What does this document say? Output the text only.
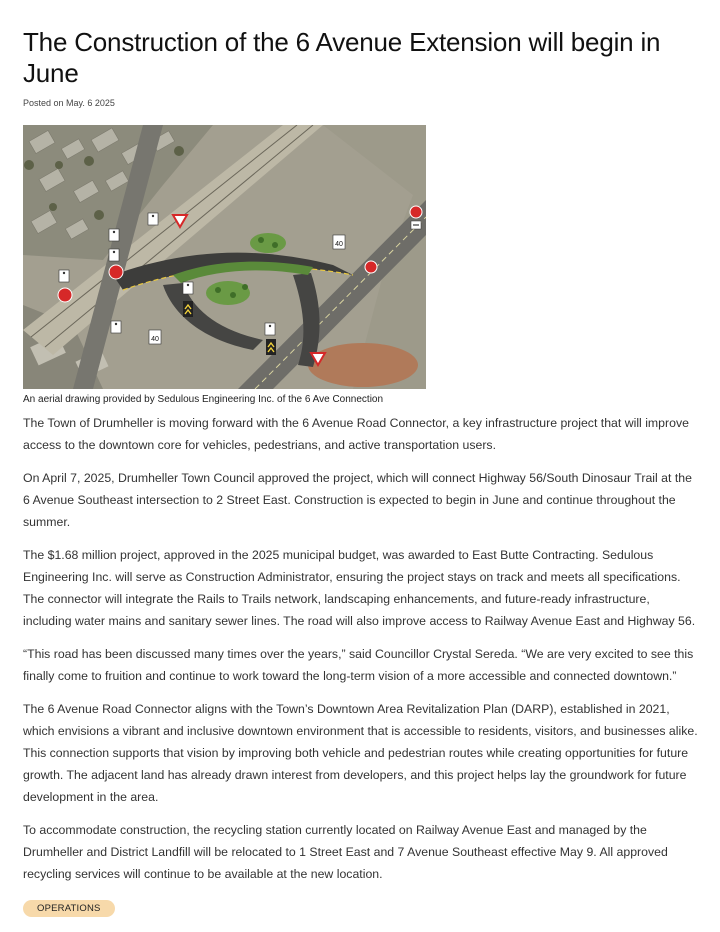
The Construction of the 6 Avenue Extension will begin in June
Posted on May. 6 2025
40
40
An aerial drawing provided by Sedulous Engineering Inc. of the 6 Ave Connection

The Town of Drumheller is moving forward with the 6 Avenue Road Connector, a key infrastructure project that will improve access to the downtown core for vehicles, pedestrians, and active transportation users.

On April 7, 2025, Drumheller Town Council approved the project, which will connect Highway 56/South Dinosaur Trail at the 6 Avenue Southeast intersection to 2 Street East. Construction is expected to begin in June and continue throughout the summer.

The $1.68 million project, approved in the 2025 municipal budget, was awarded to East Butte Contracting. Sedulous Engineering Inc. will serve as Construction Administrator, ensuring the project stays on track and meets all specifications. The connector will integrate the Rails to Trails network, landscaping enhancements, and future-ready infrastructure, including water mains and sanitary sewer lines. The road will also improve access to Railway Avenue East and Highway 56.

“This road has been discussed many times over the years,” said Councillor Crystal Sereda. “We are very excited to see this finally come to fruition and continue to work toward the long-term vision of a more accessible and connected downtown.”

The 6 Avenue Road Connector aligns with the Town’s Downtown Area Revitalization Plan (DARP), established in 2021, which envisions a vibrant and inclusive downtown environment that is accessible to residents, visitors, and businesses alike. This connection supports that vision by improving both vehicle and pedestrian routes while creating opportunities for future growth. The adjacent land has already drawn interest from developers, and this project helps lay the groundwork for future development in the area.

To accommodate construction, the recycling station currently located on Railway Avenue East and managed by the Drumheller and District Landfill will be relocated to 1 Street East and 7 Avenue Southeast effective May 9. All approved recycling services will continue to be available at the new location.

OPERATIONS
